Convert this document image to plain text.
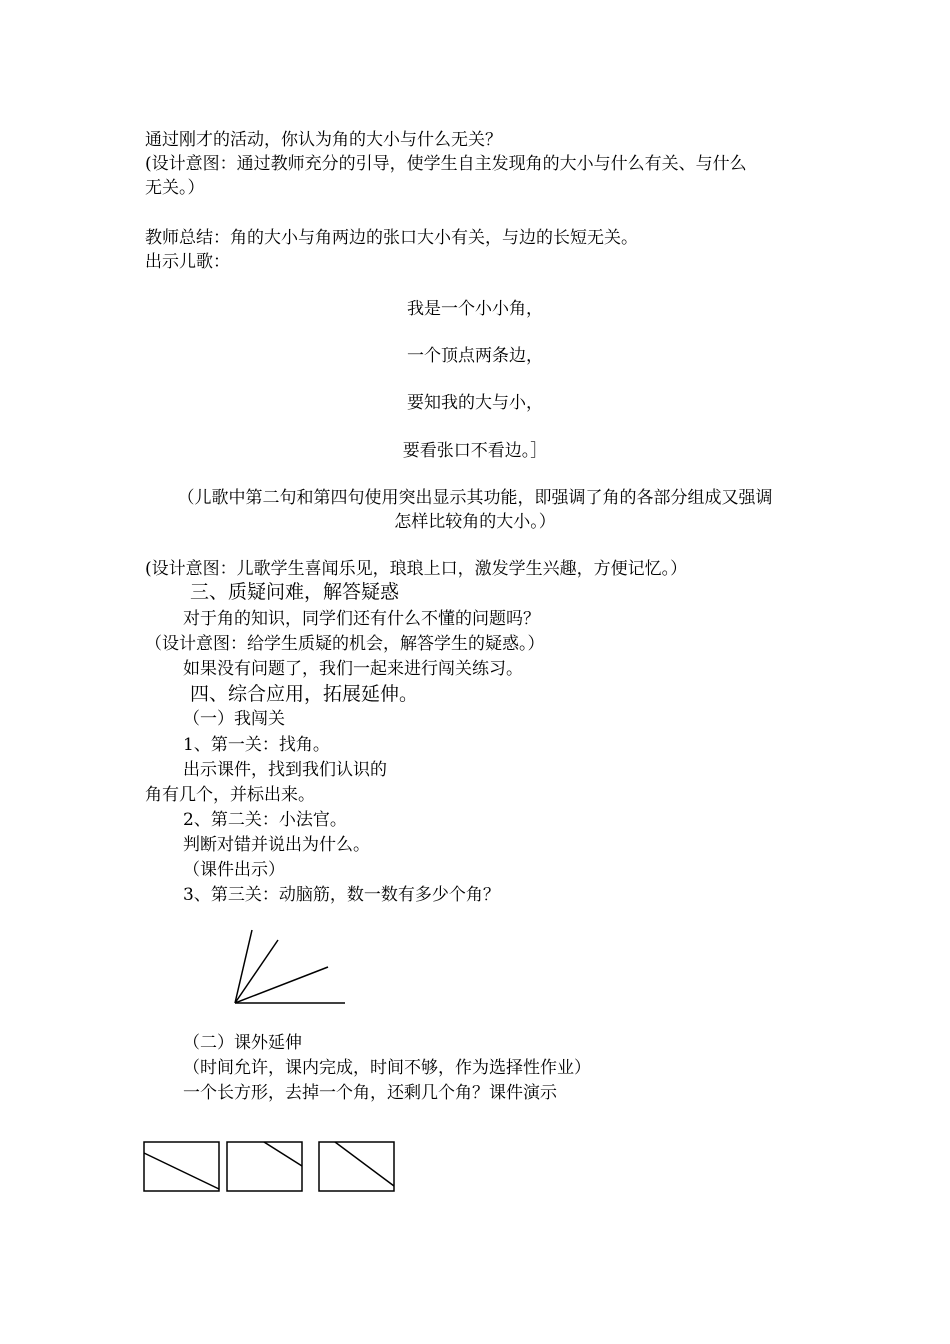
通过刚才的活动，你认为角的大小与什么无关？
(设计意图：通过教师充分的引导，使学生自主发现角的大小与什么有关、与什么
无关。）
教师总结：角的大小与角两边的张口大小有关，与边的长短无关。
出示儿歌：
我是一个小小角，
一个顶点两条边，
要知我的大与小，
要看张口不看边。］
（儿歌中第二句和第四句使用突出显示其功能，即强调了角的各部分组成又强调
怎样比较角的大小。）
(设计意图：儿歌学生喜闻乐见，琅琅上口，激发学生兴趣，方便记忆。）
三、质疑问难，解答疑惑
对于角的知识，同学们还有什么不懂的问题吗？
（设计意图：给学生质疑的机会，解答学生的疑惑。）
如果没有问题了，我们一起来进行闯关练习。
四、综合应用，拓展延伸。
（一）我闯关
1、第一关：找角。
出示课件，找到我们认识的
角有几个，并标出来。
2、第二关：小法官。
判断对错并说出为什么。
（课件出示）
3、第三关：动脑筋，数一数有多少个角？
（二）课外延伸
（时间允许，课内完成，时间不够，作为选择性作业）
一个长方形，去掉一个角，还剩几个角？课件演示
